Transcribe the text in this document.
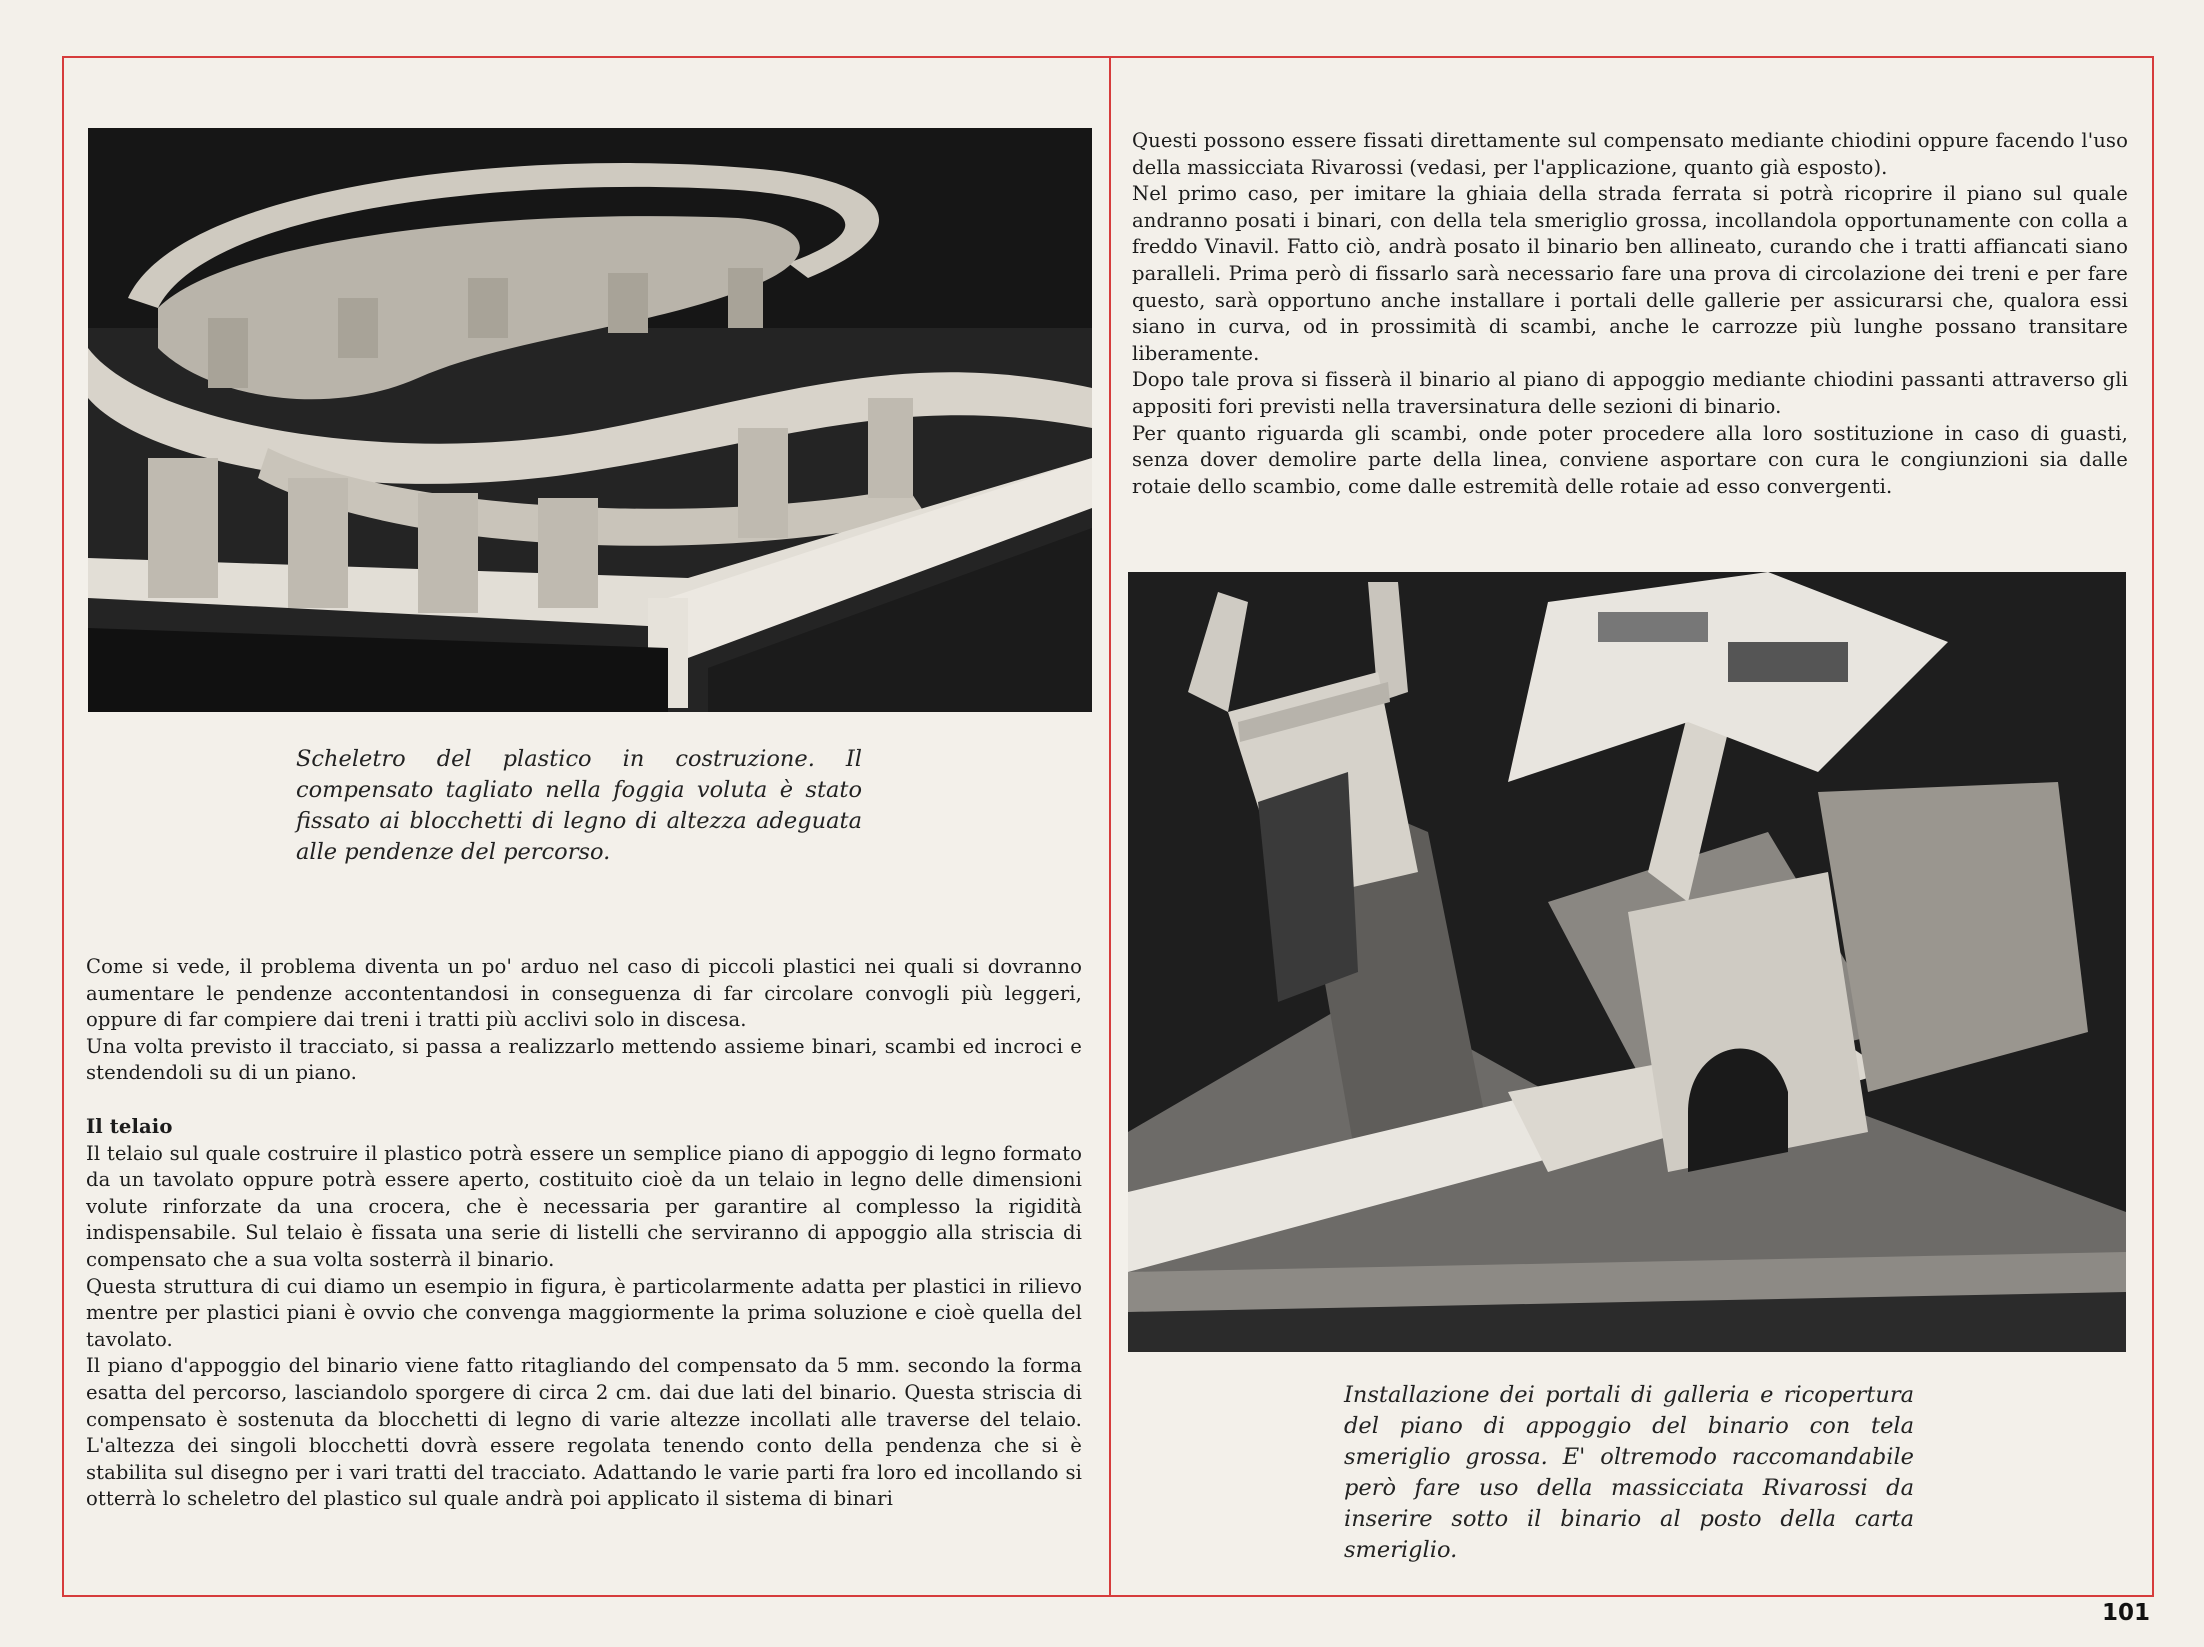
Scheletro del plastico in costruzione. Il compensato tagliato nella foggia voluta è stato fissato ai blocchetti di legno di altezza adeguata alle pendenze del percorso.

Come si vede, il problema diventa un po' arduo nel caso di piccoli plastici nei quali si dovranno aumentare le pendenze accontentandosi in conseguenza di far circolare convogli più leggeri, oppure di far compiere dai treni i tratti più acclivi solo in discesa.

Una volta previsto il tracciato, si passa a realizzarlo mettendo assieme binari, scambi ed incroci e stendendoli su di un piano.

Il telaio

Il telaio sul quale costruire il plastico potrà essere un semplice piano di appoggio di legno formato da un tavolato oppure potrà essere aperto, costituito cioè da un telaio in legno delle dimensioni volute rinforzate da una crocera, che è necessaria per garantire al complesso la rigidità indispensabile. Sul telaio è fissata una serie di listelli che serviranno di appoggio alla striscia di compensato che a sua volta sosterrà il binario.

Questa struttura di cui diamo un esempio in figura, è particolarmente adatta per plastici in rilievo mentre per plastici piani è ovvio che convenga maggiormente la prima soluzione e cioè quella del tavolato.

Il piano d'appoggio del binario viene fatto ritagliando del compensato da 5 mm. secondo la forma esatta del percorso, lasciandolo sporgere di circa 2 cm. dai due lati del binario. Questa striscia di compensato è sostenuta da blocchetti di legno di varie altezze incollati alle traverse del telaio. L'altezza dei singoli blocchetti dovrà essere regolata tenendo conto della pendenza che si è stabilita sul disegno per i vari tratti del tracciato. Adattando le varie parti fra loro ed incollando si otterrà lo scheletro del plastico sul quale andrà poi applicato il sistema di binari

Questi possono essere fissati direttamente sul compensato mediante chiodini oppure facendo l'uso della massicciata Rivarossi (vedasi, per l'applicazione, quanto già esposto).

Nel primo caso, per imitare la ghiaia della strada ferrata si potrà ricoprire il piano sul quale andranno posati i binari, con della tela smeriglio grossa, incollandola opportunamente con colla a freddo Vinavil. Fatto ciò, andrà posato il binario ben allineato, curando che i tratti affiancati siano paralleli. Prima però di fissarlo sarà necessario fare una prova di circolazione dei treni e per fare questo, sarà opportuno anche installare i portali delle gallerie per assicurarsi che, qualora essi siano in curva, od in prossimità di scambi, anche le carrozze più lunghe possano transitare liberamente.

Dopo tale prova si fisserà il binario al piano di appoggio mediante chiodini passanti attraverso gli appositi fori previsti nella traversinatura delle sezioni di binario.

Per quanto riguarda gli scambi, onde poter procedere alla loro sostituzione in caso di guasti, senza dover demolire parte della linea, conviene asportare con cura le congiunzioni sia dalle rotaie dello scambio, come dalle estremità delle rotaie ad esso convergenti.

Installazione dei portali di galleria e ricopertura del piano di appoggio del binario con tela smeriglio grossa. E' oltremodo raccomandabile però fare uso della massicciata Rivarossi da inserire sotto il binario al posto della carta smeriglio.
101
